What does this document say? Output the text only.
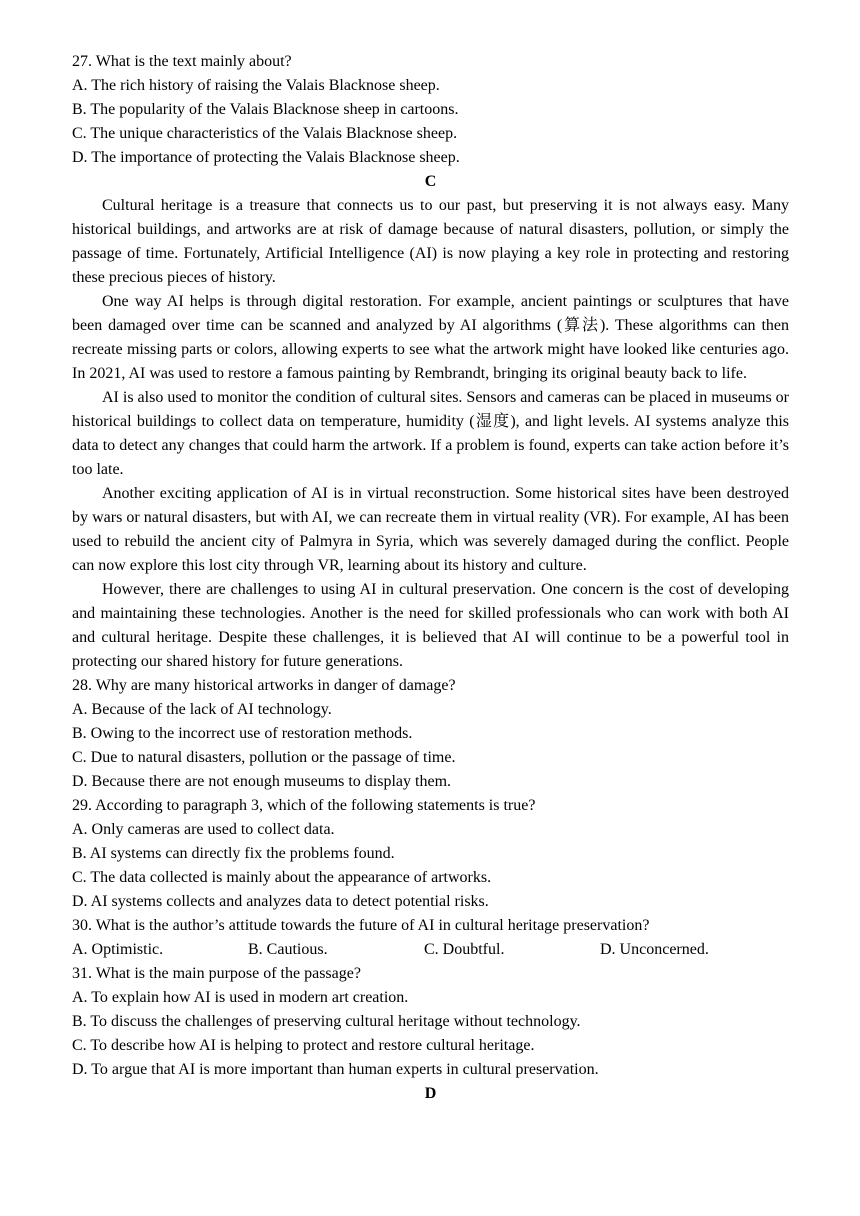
27. What is the text mainly about?
A. The rich history of raising the Valais Blacknose sheep.
B. The popularity of the Valais Blacknose sheep in cartoons.
C. The unique characteristics of the Valais Blacknose sheep.
D. The importance of protecting the Valais Blacknose sheep.
C

Cultural heritage is a treasure that connects us to our past, but preserving it is not always easy. Many historical buildings, and artworks are at risk of damage because of natural disasters, pollution, or simply the passage of time. Fortunately, Artificial Intelligence (AI) is now playing a key role in protecting and restoring these precious pieces of history.

One way AI helps is through digital restoration. For example, ancient paintings or sculptures that have been damaged over time can be scanned and analyzed by AI algorithms (算法). These algorithms can then recreate missing parts or colors, allowing experts to see what the artwork might have looked like centuries ago. In 2021, AI was used to restore a famous painting by Rembrandt, bringing its original beauty back to life.

AI is also used to monitor the condition of cultural sites. Sensors and cameras can be placed in museums or historical buildings to collect data on temperature, humidity (湿度), and light levels. AI systems analyze this data to detect any changes that could harm the artwork. If a problem is found, experts can take action before it’s too late.

Another exciting application of AI is in virtual reconstruction. Some historical sites have been destroyed by wars or natural disasters, but with AI, we can recreate them in virtual reality (VR). For example, AI has been used to rebuild the ancient city of Palmyra in Syria, which was severely damaged during the conflict. People can now explore this lost city through VR, learning about its history and culture.

However, there are challenges to using AI in cultural preservation. One concern is the cost of developing and maintaining these technologies. Another is the need for skilled professionals who can work with both AI and cultural heritage. Despite these challenges, it is believed that AI will continue to be a powerful tool in protecting our shared history for future generations.

28. Why are many historical artworks in danger of damage?
A. Because of the lack of AI technology.
B. Owing to the incorrect use of restoration methods.
C. Due to natural disasters, pollution or the passage of time.
D. Because there are not enough museums to display them.
29. According to paragraph 3, which of the following statements is true?
A. Only cameras are used to collect data.
B. AI systems can directly fix the problems found.
C. The data collected is mainly about the appearance of artworks.
D. AI systems collects and analyzes data to detect potential risks.
30. What is the author’s attitude towards the future of AI in cultural heritage preservation?
A. Optimistic.	B. Cautious.	C. Doubtful.	D. Unconcerned.
31. What is the main purpose of the passage?
A. To explain how AI is used in modern art creation.
B. To discuss the challenges of preserving cultural heritage without technology.
C. To describe how AI is helping to protect and restore cultural heritage.
D. To argue that AI is more important than human experts in cultural preservation.
D
